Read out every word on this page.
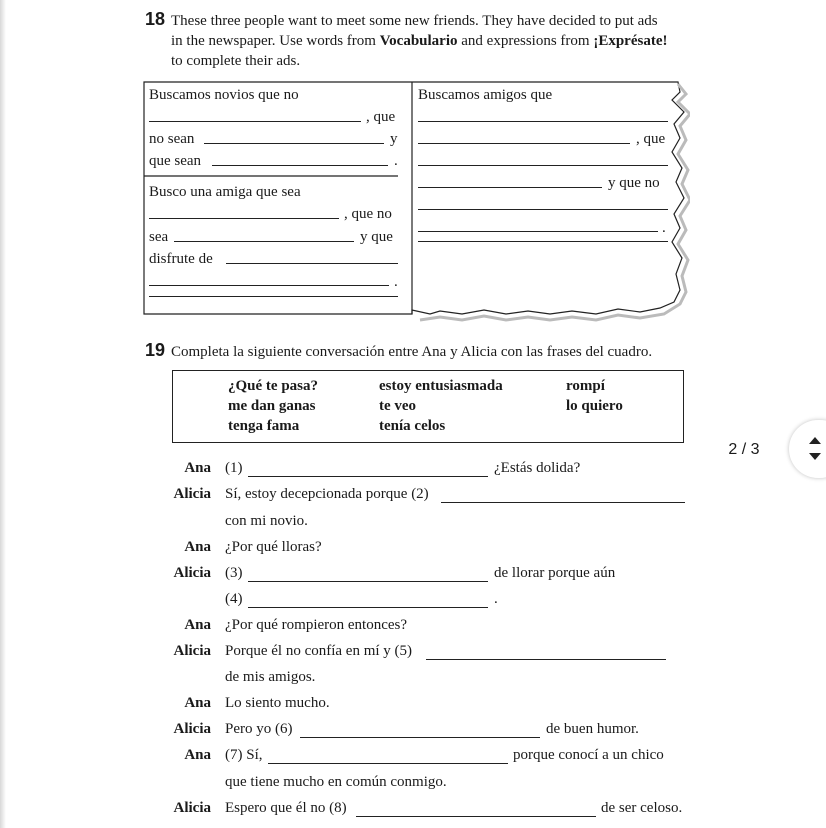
18 These three people want to meet some new friends. They have decided to put ads
in the newspaper. Use words from Vocabulario and expressions from ¡Exprésate!
to complete their ads.
Buscamos novios que no
, que
no sean	y
que sean	.
Busco una amiga que sea
, que no
sea	y que
disfrute de
.
Buscamos amigos que
, que
y que no
.
19 Completa la siguiente conversación entre Ana y Alicia con las frases del cuadro.
¿Qué te pasa?	estoy entusiasmada	rompí
me dan ganas	te veo	lo quiero
tenga fama	tenía celos
Ana (1)	¿Estás dolida?
Alicia Sí, estoy decepcionada porque (2)
con mi novio.
Ana ¿Por qué lloras?
Alicia (3)	de llorar porque aún
(4)	.
Ana ¿Por qué rompieron entonces?
Alicia Porque él no confía en mí y (5)
de mis amigos.
Ana Lo siento mucho.
Alicia Pero yo (6)	de buen humor.
Ana (7) Sí,	porque conocí a un chico
que tiene mucho en común conmigo.
Alicia Espero que él no (8)	de ser celoso.
2 / 3
